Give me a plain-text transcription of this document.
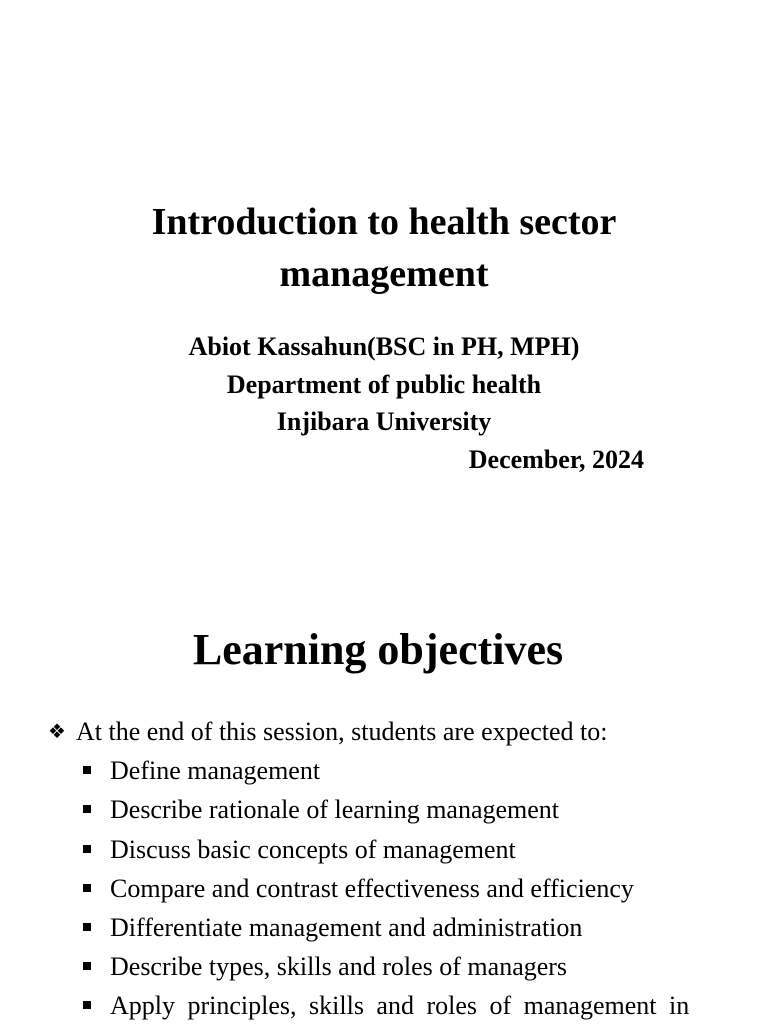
Introduction to health sector management
Abiot Kassahun(BSC in PH, MPH)
Department of public health
Injibara University
December, 2024
Learning objectives
❖ At the end of this session, students are expected to:
Define management
Describe rationale of learning management
Discuss basic concepts of management
Compare and contrast effectiveness and efficiency
Differentiate management and administration
Describe types, skills and roles of managers
Apply principles, skills and roles of management in
